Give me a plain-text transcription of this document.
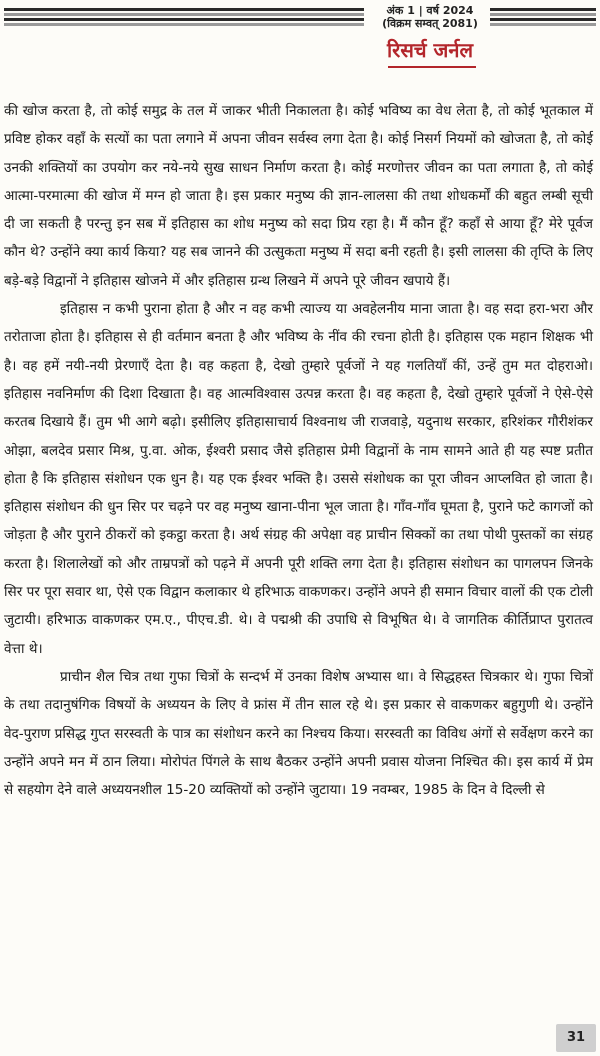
अंक 1 | वर्ष 2024
(विक्रम सम्वत् 2081)
रिसर्च जर्नल

की खोज करता है, तो कोई समुद्र के तल में जाकर भीती निकालता है। कोई भविष्य का वेध लेता है, तो कोई भूतकाल में प्रविष्ट होकर वहाँ के सत्यों का पता लगाने में अपना जीवन सर्वस्व लगा देता है। कोई निसर्ग नियमों को खोजता है, तो कोई उनकी शक्तियों का उपयोग कर नये-नये सुख साधन निर्माण करता है। कोई मरणोत्तर जीवन का पता लगाता है, तो कोई आत्मा-परमात्मा की खोज में मग्न हो जाता है। इस प्रकार मनुष्य की ज्ञान-लालसा की तथा शोधकर्मों की बहुत लम्बी सूची दी जा सकती है परन्तु इन सब में इतिहास का शोध मनुष्य को सदा प्रिय रहा है। मैं कौन हूँ? कहाँ से आया हूँ? मेरे पूर्वज कौन थे? उन्होंने क्या कार्य किया? यह सब जानने की उत्सुकता मनुष्य में सदा बनी रहती है। इसी लालसा की तृप्ति के लिए बड़े-बड़े विद्वानों ने इतिहास खोजने में और इतिहास ग्रन्थ लिखने में अपने पूरे जीवन खपाये हैं।

इतिहास न कभी पुराना होता है और न वह कभी त्याज्य या अवहेलनीय माना जाता है। वह सदा हरा-भरा और तरोताजा होता है। इतिहास से ही वर्तमान बनता है और भविष्य के नींव की रचना होती है। इतिहास एक महान शिक्षक भी है। वह हमें नयी-नयी प्रेरणाएँ देता है। वह कहता है, देखो तुम्हारे पूर्वजों ने यह गलतियाँ कीं, उन्हें तुम मत दोहराओ। इतिहास नवनिर्माण की दिशा दिखाता है। वह आत्मविश्वास उत्पन्न करता है। वह कहता है, देखो तुम्हारे पूर्वजों ने ऐसे-ऐसे करतब दिखाये हैं। तुम भी आगे बढ़ो। इसीलिए इतिहासाचार्य विश्वनाथ जी राजवाड़े, यदुनाथ सरकार, हरिशंकर गौरीशंकर ओझा, बलदेव प्रसार मिश्र, पु.वा. ओक, ईश्वरी प्रसाद जैसे इतिहास प्रेमी विद्वानों के नाम सामने आते ही यह स्पष्ट प्रतीत होता है कि इतिहास संशोधन एक धुन है। यह एक ईश्वर भक्ति है। उससे संशोधक का पूरा जीवन आप्लवित हो जाता है। इतिहास संशोधन की धुन सिर पर चढ़ने पर वह मनुष्य खाना-पीना भूल जाता है। गाँव-गाँव घूमता है, पुराने फटे कागजों को जोड़ता है और पुराने ठीकरों को इकट्ठा करता है। अर्थ संग्रह की अपेक्षा वह प्राचीन सिक्कों का तथा पोथी पुस्तकों का संग्रह करता है। शिलालेखों को और ताम्रपत्रों को पढ़ने में अपनी पूरी शक्ति लगा देता है। इतिहास संशोधन का पागलपन जिनके सिर पर पूरा सवार था, ऐसे एक विद्वान कलाकार थे हरिभाऊ वाकणकर। उन्होंने अपने ही समान विचार वालों की एक टोली जुटायी। हरिभाऊ वाकणकर एम.ए., पीएच.डी. थे। वे पद्मश्री की उपाधि से विभूषित थे। वे जागतिक कीर्तिप्राप्त पुरातत्व वेत्ता थे।

प्राचीन शैल चित्र तथा गुफा चित्रों के सन्दर्भ में उनका विशेष अभ्यास था। वे सिद्धहस्त चित्रकार थे। गुफा चित्रों के तथा तदानुषंगिक विषयों के अध्ययन के लिए वे फ्रांस में तीन साल रहे थे। इस प्रकार से वाकणकर बहुगुणी थे। उन्होंने वेद-पुराण प्रसिद्ध गुप्त सरस्वती के पात्र का संशोधन करने का निश्चय किया। सरस्वती का विविध अंगों से सर्वेक्षण करने का उन्होंने अपने मन में ठान लिया। मोरोपंत पिंगले के साथ बैठकर उन्होंने अपनी प्रवास योजना निश्चित की। इस कार्य में प्रेम से सहयोग देने वाले अध्ययनशील 15-20 व्यक्तियों को उन्होंने जुटाया। 19 नवम्बर, 1985 के दिन वे दिल्ली से

31
